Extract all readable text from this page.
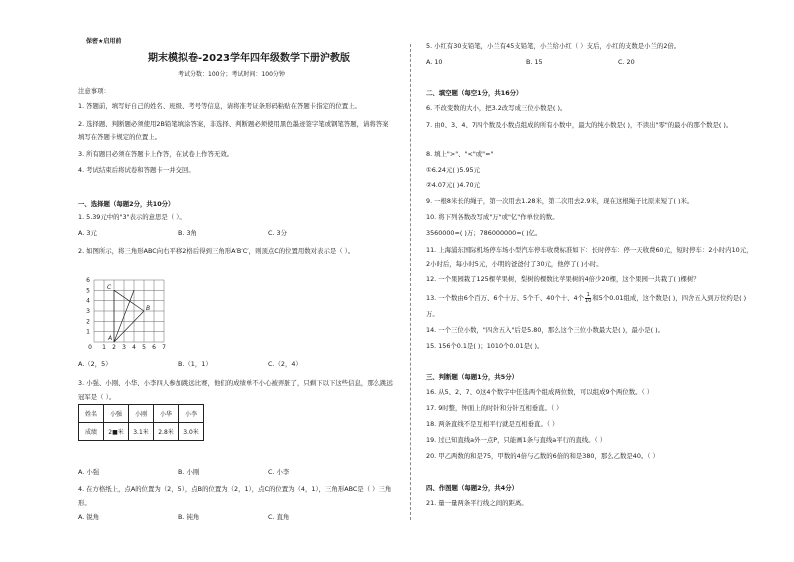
保密★启用前
期末模拟卷-2023学年四年级数学下册沪教版
考试分数：100分；考试时间：100分钟
注意事项：
1. 答题前，填写好自己的姓名、班级、考号等信息，请将准考证条形码粘贴在答题卡指定的位置上。
2. 选择题、判断题必须使用2B铅笔填涂答案，非选择、判断题必须使用黑色墨迹签字笔或钢笔答题，请将答案填写在答题卡规定的位置上。
3. 所有题目必须在答题卡上作答，在试卷上作答无效。
4. 考试结束后将试卷和答题卡一并交回。
一、选择题（每题2分，共10分）
1. 5.39元中的"3"表示的意思是（ ）。
A. 3元	B. 3角	C. 3分
2. 如图所示，将三角形ABC向右平移2格后得到三角形A′B′C′，则顶点C的位置用数对表示是（ ）。
6
5
4
3
2
1
0 1 2 3 4 5 6 7
A
B
C
A.（2，5）	B.（1，1）	C.（2，4）
3. 小强、小刚、小华、小李四人参加跳远比赛，他们的成绩单不小心被弄脏了，只剩下以下这些信息，那么跳远冠军是（ ）。
姓名	小强	小刚	小华	小李
成绩	2■米	3.1米	2.8米	3.0米
A. 小强	B. 小刚	C. 小李
4. 在方格纸上，点A的位置为（2，5），点B的位置为（2，1），点C的位置为（4，1），三角形ABC是（ ）三角形。
A. 锐角	B. 钝角	C. 直角
5. 小红有30支铅笔，小兰有45支铅笔，小兰给小红（ ）支后，小红的支数是小兰的2倍。
A. 10	B. 15	C. 20
二、填空题（每空1分，共16分）
6. 不改变数的大小，把3.2改写成三位小数是( )。
7. 由0、3、4、7四个数及小数点组成的所有小数中，最大的纯小数是( )，不读出"零"的最小的那个数是( )。
8. 填上">"、"<"或"="
①6.24元( )5.95元
②4.07元( )4.70元
9. 一根8米长的绳子，第一次用去1.28米，第二次用去2.9米，现在这根绳子比原来短了( )米。
10. 将下列各数改写成"万"或"亿"作单位的数。
3560000=( )万；786000000=( )亿。
11. 上海浦东国际机场停车场小型汽车停车收费标准如下：长时停车：停一天收费60元，短时停车：2小时内10元，2小时后，每小时5元，小明的爸爸付了30元，他停了( )小时。
12. 一个果园栽了125棵苹果树，梨树的棵数比苹果树的4倍少20棵，这个果园一共栽了( )棵树？
13. 一个数由6个百万、6个十万、5个千、40个十、4个 $\frac{1}{10}$ 和5个0.01组成，这个数是( )，四舍五入到万位约是( )万。
14. 一个三位小数，"四舍五入"后是5.80，那么这个三位小数最大是( )，最小是( )。
15. 156个0.1是( )；1010个0.01是( )。
三、判断题（每题1分，共5分）
16. 从5、2、7、0这4个数字中任选两个组成两位数，可以组成9个两位数。（ ）
17. 9时整，钟面上的时针和分针互相垂直。（ ）
18. 两条直线不是互相平行就是互相垂直。（ ）
19. 过已知直线a外一点P，只能画1条与直线a平行的直线。（ ）
20. 甲乙两数的和是75，甲数的4倍与乙数的6倍的和是380，那么乙数是40。（ ）
四、作图题（每题2分，共4分）
21. 量一量两条平行线之间的距离。
